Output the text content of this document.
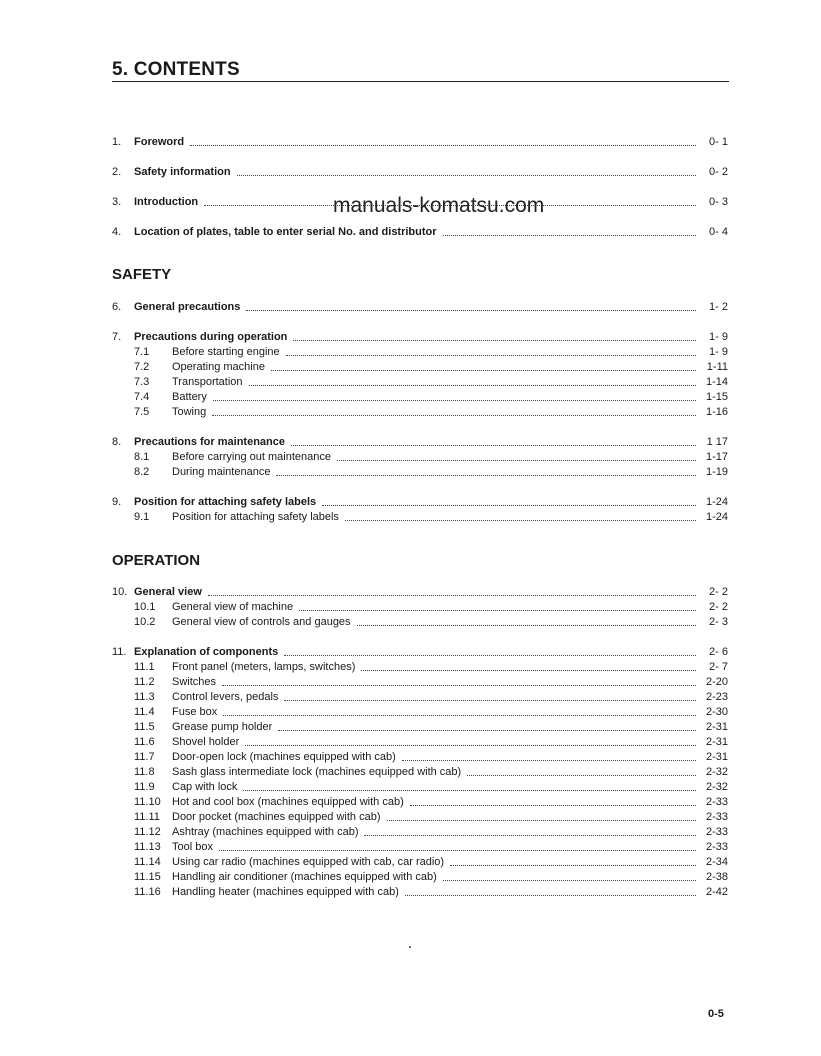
5. CONTENTS
1.	Foreword	0- 1
2.	Safety information	0- 2
3.	Introduction	0- 3
4.	Location of plates, table to enter serial No. and distributor	0- 4
manuals-komatsu.com
SAFETY
6.	General precautions	1- 2
7.	Precautions during operation	1- 9
7.1	Before starting engine	1- 9
7.2	Operating machine	1-11
7.3	Transportation	1-14
7.4	Battery	1-15
7.5	Towing	1-16
8.	Precautions for maintenance	1 17
8.1	Before carrying out maintenance	1-17
8.2	During maintenance	1-19
9.	Position for attaching safety labels	1-24
9.1	Position for attaching safety labels	1-24
OPERATION
10. General view	2- 2
10.1	General view of machine	2- 2
10.2	General view of controls and gauges	2- 3
11. Explanation of components	2- 6
11.1	Front panel (meters, lamps, switches)	2- 7
11.2	Switches	2-20
11.3	Control levers, pedals	2-23
11.4	Fuse box	2-30
11.5	Grease pump holder	2-31
11.6	Shovel holder	2-31
11.7	Door-open lock (machines equipped with cab)	2-31
11.8	Sash glass intermediate lock (machines equipped with cab)	2-32
11.9	Cap with lock	2-32
11.10	Hot and cool box (machines equipped with cab)	2-33
11.11	Door pocket (machines equipped with cab)	2-33
11.12	Ashtray (machines equipped with cab)	2-33
11.13	Tool box	2-33
11.14	Using car radio (machines equipped with cab, car radio)	2-34
11.15	Handling air conditioner (machines equipped with cab)	2-38
11.16	Handling heater (machines equipped with cab)	2-42
0-5
